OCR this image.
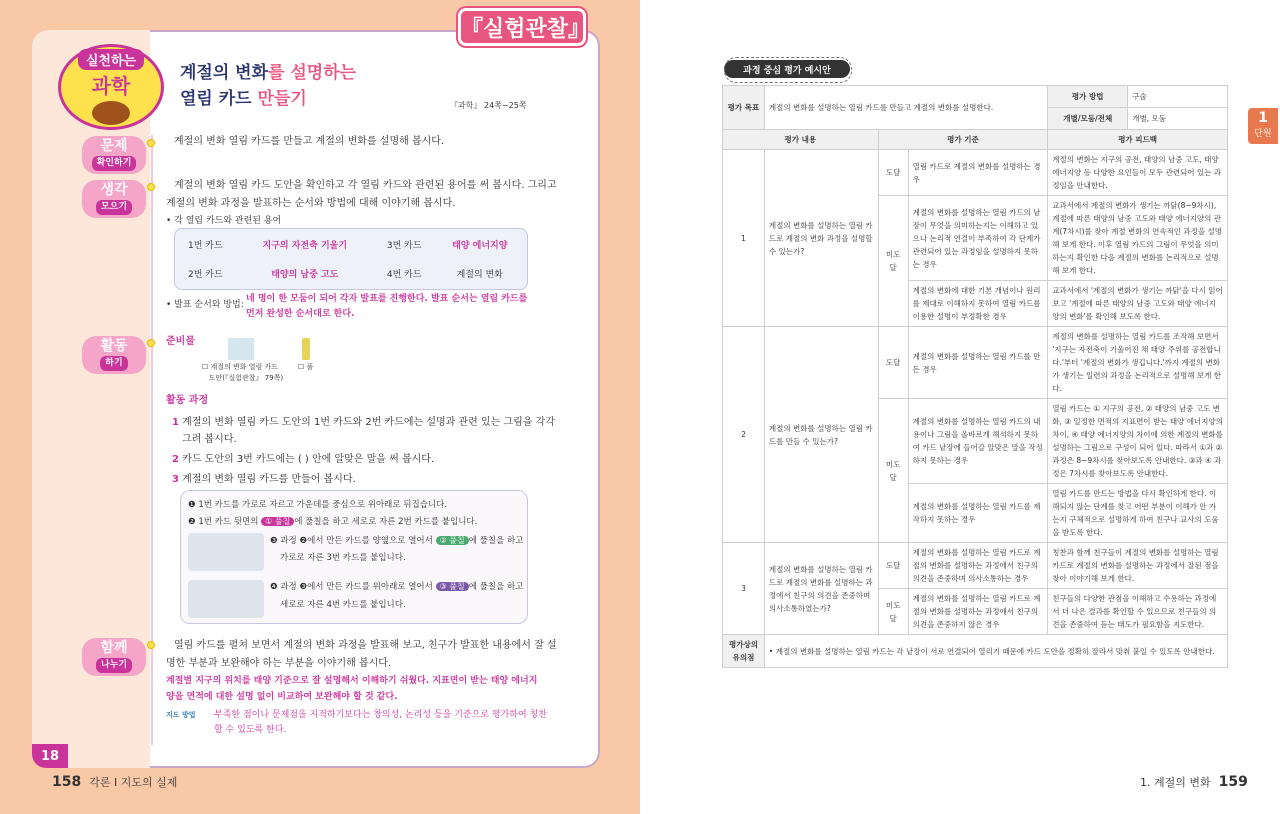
『실험관찰』
실천하는
과학
계절의 변화를 설명하는
열림 카드 만들기	『과학』 24쪽~25쪽
문제
확인하기
계절의 변화 열림 카드를 만들고 계절의 변화를 설명해 봅시다.
생각
모으기
계절의 변화 열림 카드 도안을 확인하고 각 열림 카드와 관련된 용어를 써 봅시다. 그리고
계절의 변화 과정을 발표하는 순서와 방법에 대해 이야기해 봅시다.
• 각 열림 카드와 관련된 용어
1번 카드	지구의 자전축 기울기	3번 카드	태양 에너지양
2번 카드	태양의 남중 고도	4번 카드	계절의 변화
• 발표 순서와 방법:
네 명이 한 모둠이 되어 각자 발표를 진행한다. 발표 순서는 열림 카드를
먼저 완성한 순서대로 한다.
활동
하기
준비물
☐ 계절의 변화 열림 카드
도안(『실험관찰』 79쪽)
☐ 풀
활동 과정
1 계절의 변화 열림 카드 도안의 1번 카드와 2번 카드에는 설명과 관련 있는 그림을 각각
그려 봅시다.
2 카드 도안의 3번 카드에는 ( ) 안에 알맞은 말을 써 봅시다.
3 계절의 변화 열림 카드를 만들어 봅시다.
❶ 1번 카드를 가로로 자르고 가운데를 중심으로 위아래로 뒤집습니다.
❷ 1번 카드 뒷면의 ① 풀칠 에 풀칠을 하고 세로로 자른 2번 카드를 붙입니다.
❸ 과정 ❷에서 만든 카드를 양옆으로 열어서 ② 풀칠 에 풀칠을 하고
가로로 자른 3번 카드를 붙입니다.
❹ 과정 ❸에서 만든 카드를 위아래로 열어서 ③ 풀칠 에 풀칠을 하고
세로로 자른 4번 카드를 붙입니다.
함께
나누기
열림 카드를 펼쳐 보면서 계절의 변화 과정을 발표해 보고, 친구가 발표한 내용에서 잘 설
명한 부분과 보완해야 하는 부분을 이야기해 봅시다.
계절별 지구의 위치를 태양 기준으로 잘 설명해서 이해하기 쉬웠다. 지표면이 받는 태양 에너지
양을 면적에 대한 설명 없이 비교하여 보완해야 할 것 같다.
지도 방법 부족한 점이나 문제점을 지적하기보다는 창의성, 논리성 등을 기준으로 평가하여 칭찬
할 수 있도록 한다.
18
158 각론 Ⅰ 지도의 실제
과정 중심 평가 예시안
1
단원
평가 목표	계절의 변화를 설명하는 열림 카드를 만들고 계절의 변화를 설명한다.			평가 방법 구술

				개별/모둠/전체 개별, 모둠

평가 내용		평가 기준		평가 피드백
1	계절의 변화를 설명하는 열림 카드로 계절의 변화 과정을 설명할 수 있는가?	도달	열림 카드로 계절의 변화를 설명하는 경우	계절의 변화는 지구의 공전, 태양의 남중 고도, 태양 에너지양 등 다양한 요인들이 모두 관련되어 있는 과정임을 안내한다.
		미도달	계절의 변화를 설명하는 열림 카드의 낱장이 무엇을 의미하는지는 이해하고 있으나 논리적 연결이 부족하여 각 단계가 관련되어 있는 과정임을 설명하지 못하는 경우	교과서에서 계절의 변화가 생기는 까닭(8~9차시), 계절에 따른 태양의 남중 고도와 태양 에너지양의 관계(7차시)를 찾아 계절 변화의 연속적인 과정을 설명해 보게 한다. 이후 열림 카드의 그림이 무엇을 의미하는지 확인한 다음 계절의 변화를 논리적으로 설명해 보게 한다.
			계절의 변화에 대한 기본 개념이나 원리를 제대로 이해하지 못하여 열림 카드를 이용한 설명이 부정확한 경우	교과서에서 '계절의 변화가 생기는 까닭'을 다시 읽어 보고 '계절에 따른 태양의 남중 고도와 태양 에너지양의 변화'를 확인해 보도록 한다.
2	계절의 변화를 설명하는 열림 카드를 만들 수 있는가?	도달	계절의 변화를 설명하는 열림 카드를 만든 경우	계절의 변화를 설명하는 열림 카드를 조작해 보면서 '지구는 자전축이 기울어진 채 태양 주위를 공전합니다.'부터 '계절의 변화가 생깁니다.'까지 계절의 변화가 생기는 일련의 과정을 논리적으로 설명해 보게 한다.
		미도달	계절의 변화를 설명하는 열림 카드의 내용이나 그림을 올바르게 해석하지 못하여 카드 낱장에 들어갈 알맞은 말을 작성하지 못하는 경우	열림 카드는 ① 지구의 공전, ② 태양의 남중 고도 변화, ③ 일정한 면적의 지표면이 받는 태양 에너지양의 차이, ④ 태양 에너지양의 차이에 의한 계절의 변화를 설명하는 그림으로 구성이 되어 있다. 따라서 ①과 ② 과정은 8~9차시를 찾아보도록 안내한다. ③과 ④ 과정은 7차시를 찾아보도록 안내한다.
			계절의 변화를 설명하는 열림 카드를 제작하지 못하는 경우	열림 카드를 만드는 방법을 다시 확인하게 한다. 이해되지 않는 단계를 찾고 어떤 부분이 이해가 안 가는지 구체적으로 설명하게 하여 친구나 교사의 도움을 받도록 한다.
3	계절의 변화를 설명하는 열림 카드로 계절의 변화를 설명하는 과정에서 친구의 의견을 존중하며 의사소통하였는가?	도달	계절의 변화를 설명하는 열림 카드로 계절의 변화를 설명하는 과정에서 친구의 의견을 존중하며 의사소통하는 경우	칭찬과 함께 친구들이 계절의 변화를 설명하는 열림 카드로 계절의 변화를 설명하는 과정에서 잘된 점을 찾아 이야기해 보게 한다.
		미도달	계절의 변화를 설명하는 열림 카드로 계절의 변화를 설명하는 과정에서 친구의 의견을 존중하지 않은 경우	친구들의 다양한 관점을 이해하고 수용하는 과정에서 더 나은 결과를 확인할 수 있으므로 친구들의 의견을 존중하여 듣는 태도가 필요함을 지도한다.
평가상의 유의점	• 계절의 변화를 설명하는 열림 카드는 각 낱장이 서로 연결되어 열리기 때문에 카드 도안을 정확히 잘라서 맞춰 붙일 수 있도록 안내한다.			
1. 계절의 변화 159
